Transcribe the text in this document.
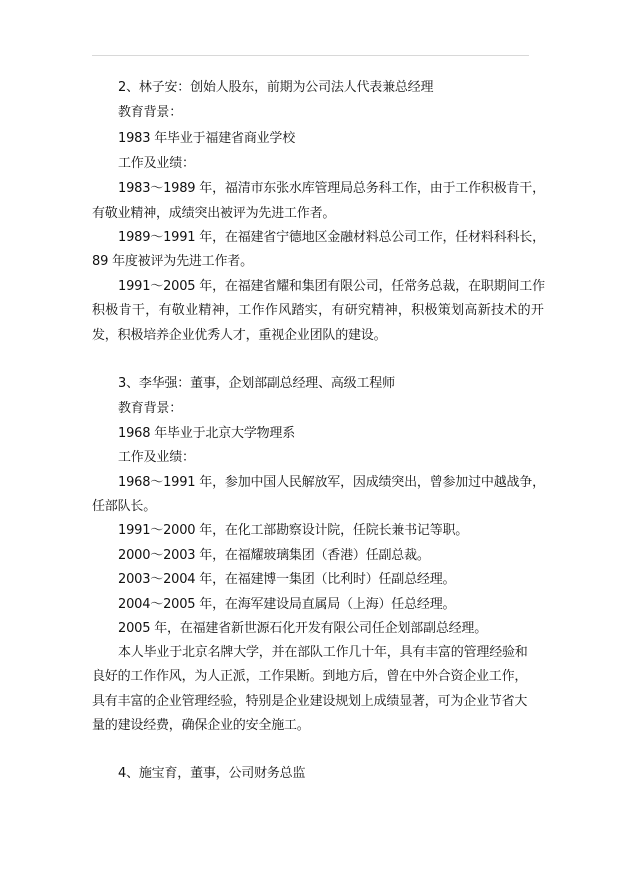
2、林子安：创始人股东，前期为公司法人代表兼总经理
教育背景：
1983 年毕业于福建省商业学校
工作及业绩：
1983～1989 年，福清市东张水库管理局总务科工作，由于工作积极肯干，
有敬业精神，成绩突出被评为先进工作者。
1989～1991 年，在福建省宁德地区金融材料总公司工作，任材料科科长，
89 年度被评为先进工作者。
1991～2005 年，在福建省耀和集团有限公司，任常务总裁，在职期间工作
积极肯干，有敬业精神，工作作风踏实，有研究精神，积极策划高新技术的开
发，积极培养企业优秀人才，重视企业团队的建设。
3、李华强：董事，企划部副总经理、高级工程师
教育背景：
1968 年毕业于北京大学物理系
工作及业绩：
1968～1991 年，参加中国人民解放军，因成绩突出，曾参加过中越战争，
任部队长。
1991～2000 年，在化工部勘察设计院，任院长兼书记等职。
2000～2003 年，在福耀玻璃集团（香港）任副总裁。
2003～2004 年，在福建博一集团（比利时）任副总经理。
2004～2005 年，在海军建设局直属局（上海）任总经理。
2005 年，在福建省新世源石化开发有限公司任企划部副总经理。
本人毕业于北京名牌大学，并在部队工作几十年，具有丰富的管理经验和
良好的工作作风，为人正派，工作果断。到地方后，曾在中外合资企业工作，
具有丰富的企业管理经验，特别是企业建设规划上成绩显著，可为企业节省大
量的建设经费，确保企业的安全施工。
4、施宝育，董事，公司财务总监
